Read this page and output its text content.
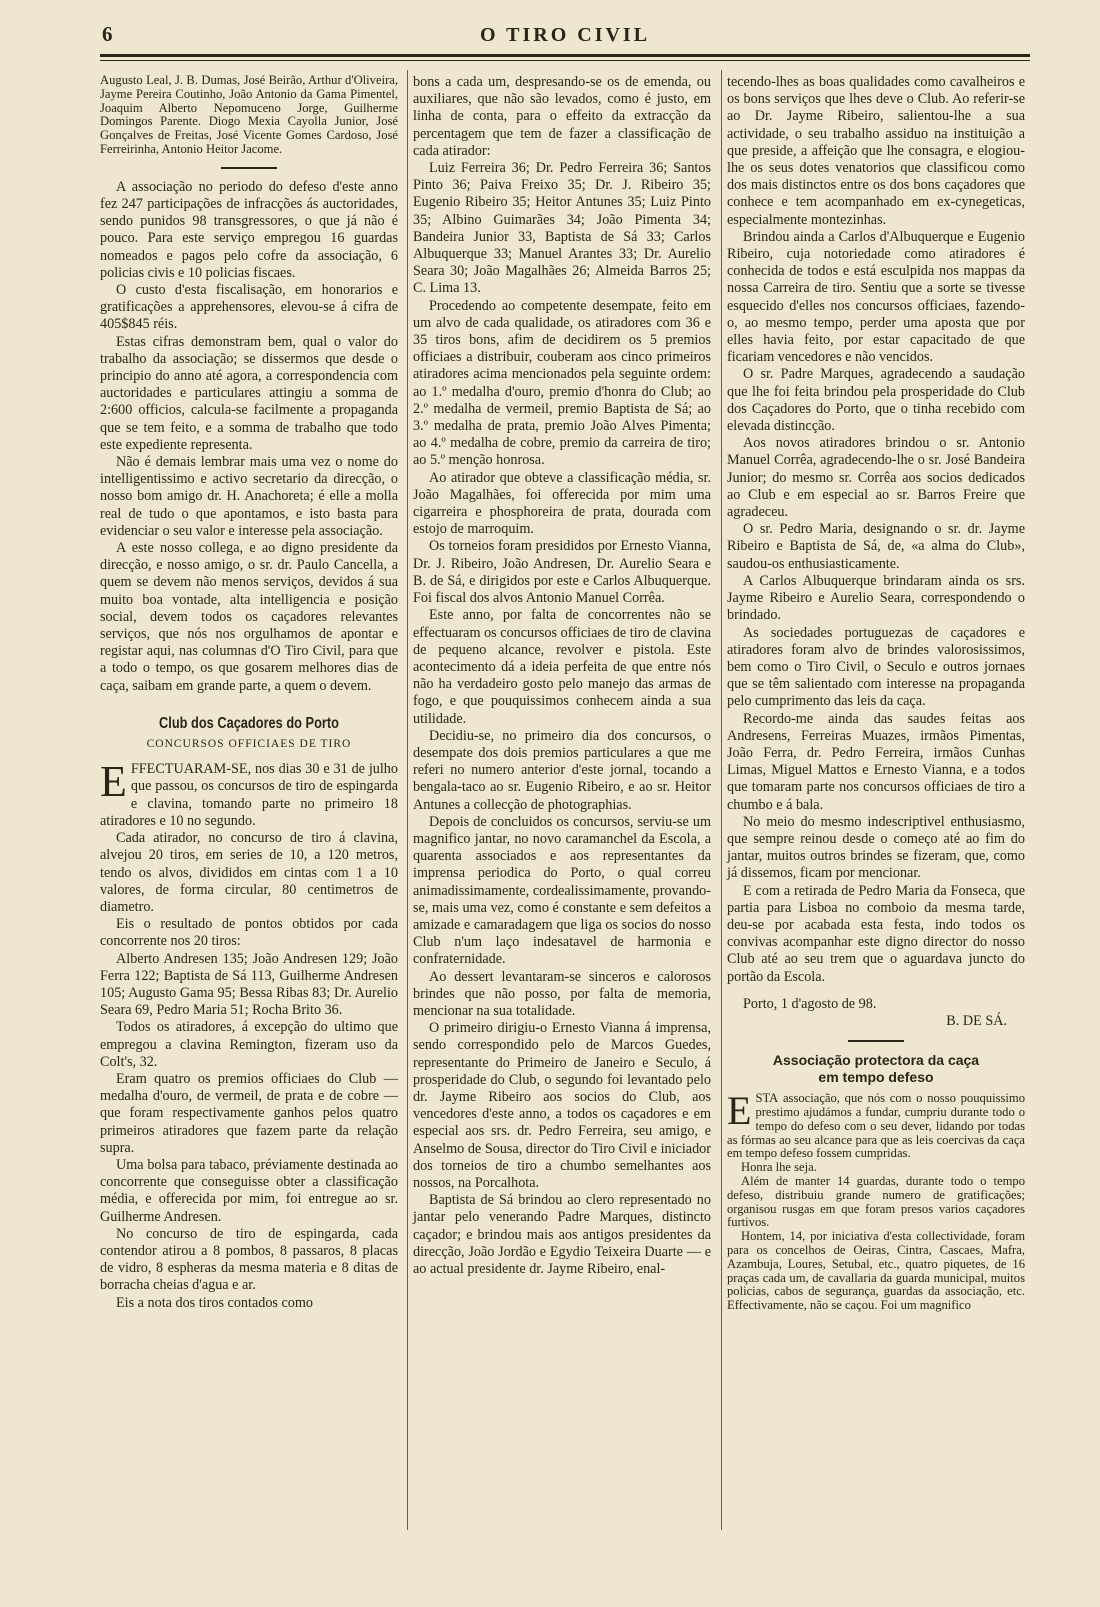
6	O TIRO CIVIL

Augusto Leal, J. B. Dumas, José Beirão, Arthur d'Oliveira, Jayme Pereira Coutinho, João Antonio da Gama Pimentel, Joaquim Alberto Nepomuceno Jorge, Guilherme Domingos Parente. Diogo Mexia Cayolla Junior, José Gonçalves de Freitas, José Vicente Gomes Cardoso, José Ferreirinha, Antonio Heitor Jacome.

A associação no periodo do defeso d'este anno fez 247 participações de infracções ás auctoridades, sendo punidos 98 transgressores, o que já não é pouco. Para este serviço empregou 16 guardas nomeados e pagos pelo cofre da associação, 6 policias civis e 10 policias fiscaes.

O custo d'esta fiscalisação, em honorarios e gratificações a apprehensores, elevou-se á cifra de 405$845 réis.

Estas cifras demonstram bem, qual o valor do trabalho da associação; se dissermos que desde o principio do anno até agora, a correspondencia com auctoridades e particulares attingiu a somma de 2:600 officios, calcula-se facilmente a propaganda que se tem feito, e a somma de trabalho que todo este expediente representa.

Não é demais lembrar mais uma vez o nome do intelligentissimo e activo secretario da direcção, o nosso bom amigo dr. H. Anachoreta; é elle a molla real de tudo o que apontamos, e isto basta para evidenciar o seu valor e interesse pela associação.

A este nosso collega, e ao digno presidente da direcção, e nosso amigo, o sr. dr. Paulo Cancella, a quem se devem não menos serviços, devidos á sua muito boa vontade, alta intelligencia e posição social, devem todos os caçadores relevantes serviços, que nós nos orgulhamos de apontar e registar aqui, nas columnas d'O Tiro Civil, para que a todo o tempo, os que gosarem melhores dias de caça, saibam em grande parte, a quem o devem.

Club dos Caçadores do Porto
CONCURSOS OFFICIAES DE TIRO

EFFECTUARAM-SE, nos dias 30 e 31 de julho que passou, os concursos de tiro de espingarda e clavina, tomando parte no primeiro 18 atiradores e 10 no segundo.

Cada atirador, no concurso de tiro á clavina, alvejou 20 tiros, em series de 10, a 120 metros, tendo os alvos, divididos em cintas com 1 a 10 valores, de forma circular, 80 centimetros de diametro.

Eis o resultado de pontos obtidos por cada concorrente nos 20 tiros:

Alberto Andresen 135; João Andresen 129; João Ferra 122; Baptista de Sá 113, Guilherme Andresen 105; Augusto Gama 95; Bessa Ribas 83; Dr. Aurelio Seara 69, Pedro Maria 51; Rocha Brito 36.

Todos os atiradores, á excepção do ultimo que empregou a clavina Remington, fizeram uso da Colt's, 32.

Eram quatro os premios officiaes do Club — medalha d'ouro, de vermeil, de prata e de cobre — que foram respectivamente ganhos pelos quatro primeiros atiradores que fazem parte da relação supra.

Uma bolsa para tabaco, préviamente destinada ao concorrente que conseguisse obter a classificação média, e offerecida por mim, foi entregue ao sr. Guilherme Andresen.

No concurso de tiro de espingarda, cada contendor atirou a 8 pombos, 8 passaros, 8 placas de vidro, 8 espheras da mesma materia e 8 ditas de borracha cheias d'agua e ar.

Eis a nota dos tiros contados como

bons a cada um, despresando-se os de emenda, ou auxiliares, que não são levados, como é justo, em linha de conta, para o effeito da extracção da percentagem que tem de fazer a classificação de cada atirador:

Luiz Ferreira 36; Dr. Pedro Ferreira 36; Santos Pinto 36; Paiva Freixo 35; Dr. J. Ribeiro 35; Eugenio Ribeiro 35; Heitor Antunes 35; Luiz Pinto 35; Albino Guimarães 34; João Pimenta 34; Bandeira Junior 33, Baptista de Sá 33; Carlos Albuquerque 33; Manuel Arantes 33; Dr. Aurelio Seara 30; João Magalhães 26; Almeida Barros 25; C. Lima 13.

Procedendo ao competente desempate, feito em um alvo de cada qualidade, os atiradores com 36 e 35 tiros bons, afim de decidirem os 5 premios officiaes a distribuir, couberam aos cinco primeiros atiradores acima mencionados pela seguinte ordem: ao 1.º medalha d'ouro, premio d'honra do Club; ao 2.º medalha de vermeil, premio Baptista de Sá; ao 3.º medalha de prata, premio João Alves Pimenta; ao 4.º medalha de cobre, premio da carreira de tiro; ao 5.º menção honrosa.

Ao atirador que obteve a classificação média, sr. João Magalhães, foi offerecida por mim uma cigarreira e phosphoreira de prata, dourada com estojo de marroquim.

Os torneios foram presididos por Ernesto Vianna, Dr. J. Ribeiro, João Andresen, Dr. Aurelio Seara e B. de Sá, e dirigidos por este e Carlos Albuquerque. Foi fiscal dos alvos Antonio Manuel Corrêa.

Este anno, por falta de concorrentes não se effectuaram os concursos officiaes de tiro de clavina de pequeno alcance, revolver e pistola. Este acontecimento dá a ideia perfeita de que entre nós não ha verdadeiro gosto pelo manejo das armas de fogo, e que pouquissimos conhecem ainda a sua utilidade.

Decidiu-se, no primeiro dia dos concursos, o desempate dos dois premios particulares a que me referi no numero anterior d'este jornal, tocando a bengala-taco ao sr. Eugenio Ribeiro, e ao sr. Heitor Antunes a collecção de photographias.

Depois de concluidos os concursos, serviu-se um magnifico jantar, no novo caramanchel da Escola, a quarenta associados e aos representantes da imprensa periodica do Porto, o qual correu animadissimamente, cordealissimamente, provando-se, mais uma vez, como é constante e sem defeitos a amizade e camaradagem que liga os socios do nosso Club n'um laço indesatavel de harmonia e confraternidade.

Ao dessert levantaram-se sinceros e calorosos brindes que não posso, por falta de memoria, mencionar na sua totalidade.

O primeiro dirigiu-o Ernesto Vianna á imprensa, sendo correspondido pelo de Marcos Guedes, representante do Primeiro de Janeiro e Seculo, á prosperidade do Club, o segundo foi levantado pelo dr. Jayme Ribeiro aos socios do Club, aos vencedores d'este anno, a todos os caçadores e em especial aos srs. dr. Pedro Ferreira, seu amigo, e Anselmo de Sousa, director do Tiro Civil e iniciador dos torneios de tiro a chumbo semelhantes aos nossos, na Porcalhota.

Baptista de Sá brindou ao clero representado no jantar pelo venerando Padre Marques, distincto caçador; e brindou mais aos antigos presidentes da direcção, João Jordão e Egydio Teixeira Duarte — e ao actual presidente dr. Jayme Ribeiro, enal-

tecendo-lhes as boas qualidades como cavalheiros e os bons serviços que lhes deve o Club. Ao referir-se ao Dr. Jayme Ribeiro, salientou-lhe a sua actividade, o seu trabalho assiduo na instituição a que preside, a affeição que lhe consagra, e elogiou-lhe os seus dotes venatorios que classificou como dos mais distinctos entre os dos bons caçadores que conhece e tem acompanhado em ex-cynegeticas, especialmente montezinhas.

Brindou ainda a Carlos d'Albuquerque e Eugenio Ribeiro, cuja notoriedade como atiradores é conhecida de todos e está esculpida nos mappas da nossa Carreira de tiro. Sentiu que a sorte se tivesse esquecido d'elles nos concursos officiaes, fazendo-o, ao mesmo tempo, perder uma aposta que por elles havia feito, por estar capacitado de que ficariam vencedores e não vencidos.

O sr. Padre Marques, agradecendo a saudação que lhe foi feita brindou pela prosperidade do Club dos Caçadores do Porto, que o tinha recebido com elevada distincção.

Aos novos atiradores brindou o sr. Antonio Manuel Corrêa, agradecendo-lhe o sr. José Bandeira Junior; do mesmo sr. Corrêa aos socios dedicados ao Club e em especial ao sr. Barros Freire que agradeceu.

O sr. Pedro Maria, designando o sr. dr. Jayme Ribeiro e Baptista de Sá, de, «a alma do Club», saudou-os enthusiasticamente.

A Carlos Albuquerque brindaram ainda os srs. Jayme Ribeiro e Aurelio Seara, correspondendo o brindado.

As sociedades portuguezas de caçadores e atiradores foram alvo de brindes valorosissimos, bem como o Tiro Civil, o Seculo e outros jornaes que se têm salientado com interesse na propaganda pelo cumprimento das leis da caça.

Recordo-me ainda das saudes feitas aos Andresens, Ferreiras Muazes, irmãos Pimentas, João Ferra, dr. Pedro Ferreira, irmãos Cunhas Limas, Miguel Mattos e Ernesto Vianna, e a todos que tomaram parte nos concursos officiaes de tiro a chumbo e á bala.

No meio do mesmo indescriptivel enthusiasmo, que sempre reinou desde o começo até ao fim do jantar, muitos outros brindes se fizeram, que, como já dissemos, ficam por mencionar.

E com a retirada de Pedro Maria da Fonseca, que partia para Lisboa no comboio da mesma tarde, deu-se por acabada esta festa, indo todos os convivas acompanhar este digno director do nosso Club até ao seu trem que o aguardava juncto do portão da Escola.

Porto, 1 d'agosto de 98.

B. DE SÁ.

Associação protectora da caça
em tempo defeso

ESTA associação, que nós com o nosso pouquissimo prestimo ajudámos a fundar, cumpriu durante todo o tempo do defeso com o seu dever, lidando por todas as fórmas ao seu alcance para que as leis coercivas da caça em tempo defeso fossem cumpridas.

Honra lhe seja.

Além de manter 14 guardas, durante todo o tempo defeso, distribuiu grande numero de gratificações; organisou rusgas em que foram presos varios caçadores furtivos.

Hontem, 14, por iniciativa d'esta collectividade, foram para os concelhos de Oeiras, Cintra, Cascaes, Mafra, Azambuja, Loures, Setubal, etc., quatro piquetes, de 16 praças cada um, de cavallaria da guarda municipal, muitos policias, cabos de segurança, guardas da associação, etc. Effectivamente, não se caçou. Foi um magnifico
